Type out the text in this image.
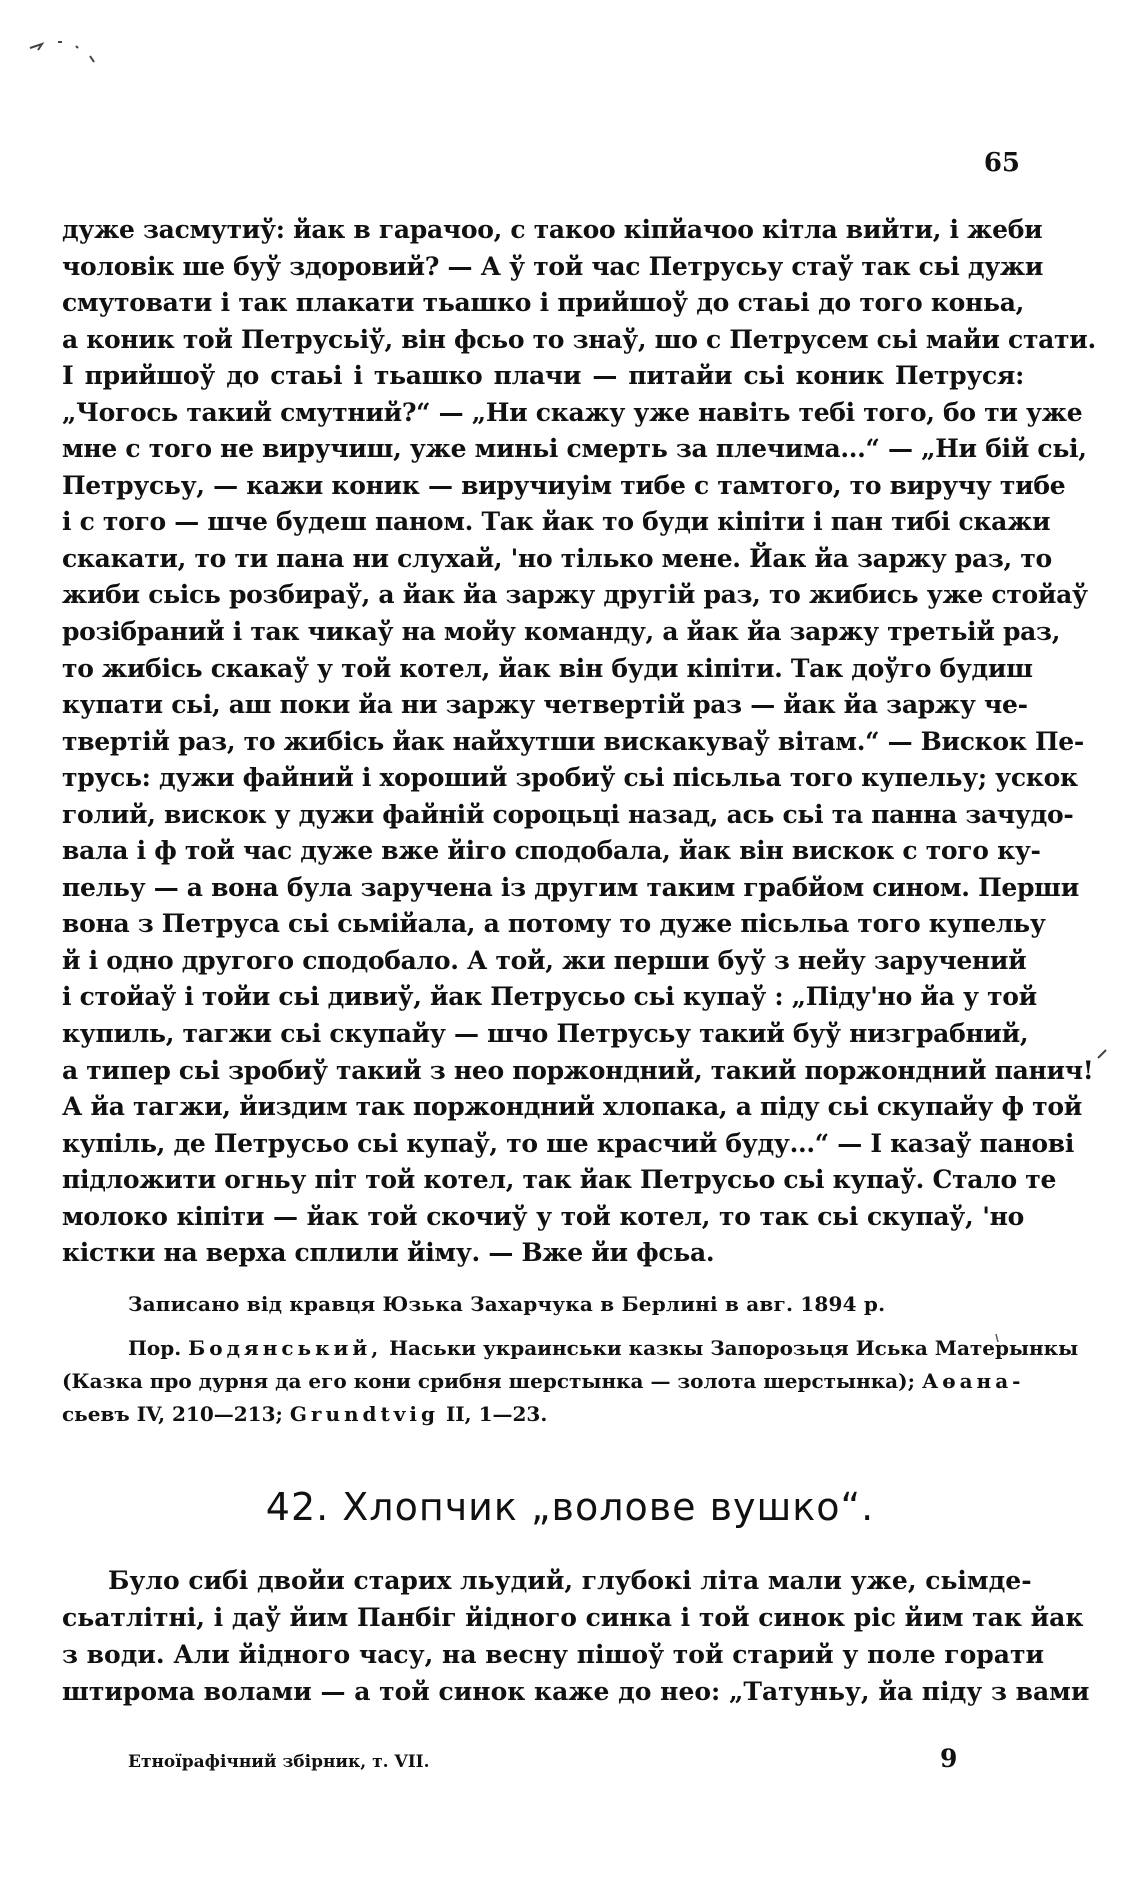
65
дуже засмутиў: йак в гарачоо, с такоо кіпйачоо кітла вийти, і жеби
чоловік ше буў здоровий? — А ў той час Петрусьу стаў так сьі дужи
смутовати і так плакати тьашко і прийшоў до стаьі до того коньа,
а коник той Петрусьіў, він фсьо то знаў, шо с Петрусем сьі майи стати.
І прийшоў до стаьі і тьашко плачи — питайи сьі коник Петруся:
„Чогось такий смутний?“ — „Ни скажу уже навіть тебі того, бо ти уже
мне с того не виручиш, уже миньі смерть за плечима...“ — „Ни бій сьі,
Петрусьу, — кажи коник — виручиуім тибе с тамтого, то виручу тибе
і с того — шче будеш паном. Так йак то буди кіпіти і пан тибі скажи
скакати, то ти пана ни слухай, 'но тілько мене. Йак йа заржу раз, то
жиби сьісь розбираў, а йак йа заржу другій раз, то жибись уже стойаў
розібраний і так чикаў на мойу команду, а йак йа заржу третьій раз,
то жибісь скакаў у той котел, йак він буди кіпіти. Так доўго будиш
купати сьі, аш поки йа ни заржу четвертій раз — йак йа заржу че-
твертій раз, то жибісь йак найхутши вискакуваў вітам.“ — Вискок Пе-
трусь: дужи файний і хороший зробиў сьі пісьльа того купельу; ускок
голий, вискок у дужи файній сороцьці назад, ась сьі та панна зачудо-
вала і ф той час дуже вже йіго сподобала, йак він вискок с того ку-
пельу — а вона була заручена із другим таким грабйом сином. Перши
вона з Петруса сьі сьмійала, а потому то дуже пісьльа того купельу
й і одно другого сподобало. А той, жи перши буў з нейу заручений
і стойаў і тойи сьі дивиў, йак Петрусьо сьі купаў : „Піду'но йа у той
купиль, тагжи сьі скупайу — шчо Петрусьу такий буў низграбний,
а типер сьі зробиў такий з нео поржондний, такий поржондний панич!
А йа тагжи, йиздим так поржондний хлопака, а піду сьі скупайу ф той
купіль, де Петрусьо сьі купаў, то ше красчий буду...“ — І казаў панові
підложити огньу піт той котел, так йак Петрусьо сьі купаў. Стало те
молоко кіпіти — йак той скочиў у той котел, то так сьі скупаў, 'но
кістки на верха сплили йіму. — Вже йи фсьа.
Записано від кравця Юзька Захарчука в Берлині в авг. 1894 р.
Пор. Бодянський, Наськи украинськи казкы Запорозьця Иська Матерынкы
(Казка про дурня да его кони срибня шерстынка — золота шерстынка); Аөана-
сьевъ IV, 210—213; Grundtvig II, 1—23.
42. Хлопчик „волове вушко“.
Було сибі двойи старих льудий, глубокі літа мали уже, сьімде-
сьатлітні, і даў йим Панбіг йідного синка і той синок ріс йим так йак
з води. Али йідного часу, на весну пішоў той старий у поле горати
штирома волами — а той синок каже до нео: „Татуньу, йа піду з вами
Етноїрафічний збірник, т. VII.	9
